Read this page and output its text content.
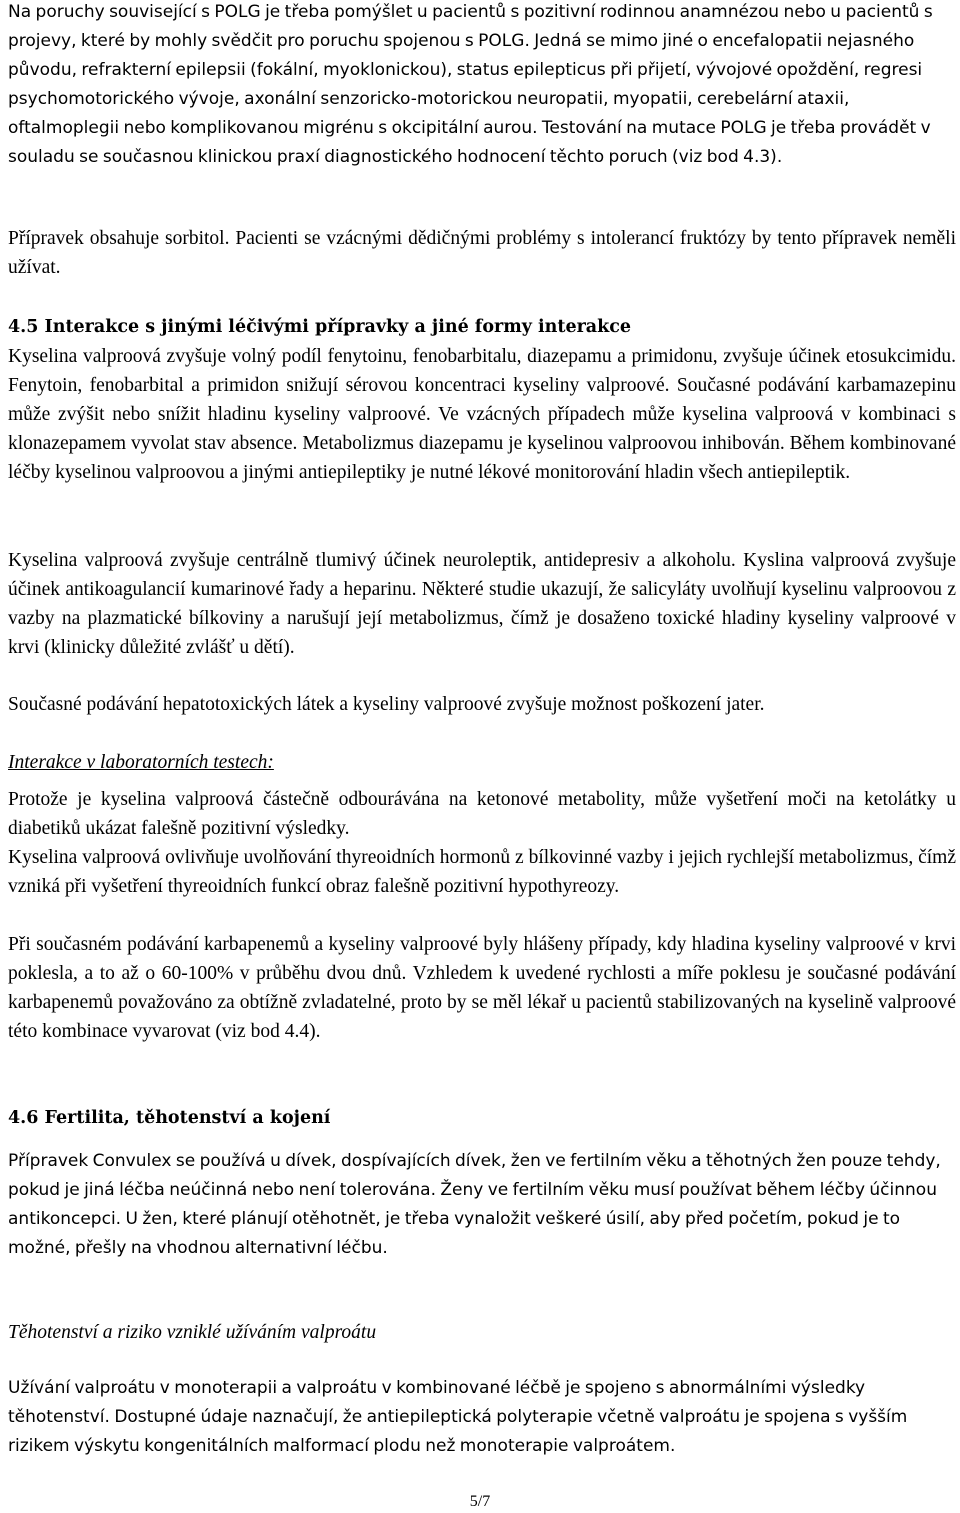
Na poruchy související s POLG je třeba pomýšlet u pacientů s pozitivní rodinnou anamnézou nebo u pacientů s projevy, které by mohly svědčit pro poruchu spojenou s POLG. Jedná se mimo jiné o encefalopatii nejasného původu, refrakterní epilepsii (fokální, myoklonickou), status epilepticus při přijetí, vývojové opoždění, regresi psychomotorického vývoje, axonální senzoricko-motorickou neuropatii, myopatii, cerebelární ataxii, oftalmoplegii nebo komplikovanou migrénu s okcipitální aurou. Testování na mutace POLG je třeba provádět v souladu se současnou klinickou praxí diagnostického hodnocení těchto poruch (viz bod 4.3).

Přípravek obsahuje sorbitol. Pacienti se vzácnými dědičnými problémy s intolerancí fruktózy by tento přípravek neměli užívat.

4.5 Interakce s jinými léčivými přípravky a jiné formy interakce

Kyselina valproová zvyšuje volný podíl fenytoinu, fenobarbitalu, diazepamu a primidonu, zvyšuje účinek etosukcimidu. Fenytoin, fenobarbital a primidon snižují sérovou koncentraci kyseliny valproové. Současné podávání karbamazepinu může zvýšit nebo snížit hladinu kyseliny valproové. Ve vzácných případech může kyselina valproová v kombinaci s klonazepamem vyvolat stav absence. Metabolizmus diazepamu je kyselinou valproovou inhibován. Během kombinované léčby kyselinou valproovou a jinými antiepileptiky je nutné lékové monitorování hladin všech antiepileptik.

Kyselina valproová zvyšuje centrálně tlumivý účinek neuroleptik, antidepresiv a alkoholu. Kyslina valproová zvyšuje účinek antikoagulancií kumarinové řady a heparinu. Některé studie ukazují, že salicyláty uvolňují kyselinu valproovou z vazby na plazmatické bílkoviny a narušují její metabolizmus, čímž je dosaženo toxické hladiny kyseliny valproové v krvi (klinicky důležité zvlášť u dětí).

Současné podávání hepatotoxických látek a kyseliny valproové zvyšuje možnost poškození jater.

Interakce v laboratorních testech:

Protože je kyselina valproová částečně odbourávána na ketonové metabolity, může vyšetření moči na ketolátky u diabetiků ukázat falešně pozitivní výsledky.

Kyselina valproová ovlivňuje uvolňování thyreoidních hormonů z bílkovinné vazby i jejich rychlejší metabolizmus, čímž vzniká při vyšetření thyreoidních funkcí obraz falešně pozitivní hypothyreozy.

Při současném podávání karbapenemů a kyseliny valproové byly hlášeny případy, kdy hladina kyseliny valproové v krvi poklesla, a to až o 60-100% v průběhu dvou dnů. Vzhledem k uvedené rychlosti a míře poklesu je současné podávání karbapenemů považováno za obtížně zvladatelné, proto by se měl lékař u pacientů stabilizovaných na kyselině valproové této kombinace vyvarovat (viz bod 4.4).

4.6 Fertilita, těhotenství a kojení

Přípravek Convulex se používá u dívek, dospívajících dívek, žen ve fertilním věku a těhotných žen pouze tehdy, pokud je jiná léčba neúčinná nebo není tolerována. Ženy ve fertilním věku musí používat během léčby účinnou antikoncepci. U žen, které plánují otěhotnět, je třeba vynaložit veškeré úsilí, aby před početím, pokud je to možné, přešly na vhodnou alternativní léčbu.

Těhotenství a riziko vzniklé užíváním valproátu

Užívání valproátu v monoterapii a valproátu v kombinované léčbě je spojeno s abnormálními výsledky těhotenství. Dostupné údaje naznačují, že antiepileptická polyterapie včetně valproátu je spojena s vyšším rizikem výskytu kongenitálních malformací plodu než monoterapie valproátem.

5/7
